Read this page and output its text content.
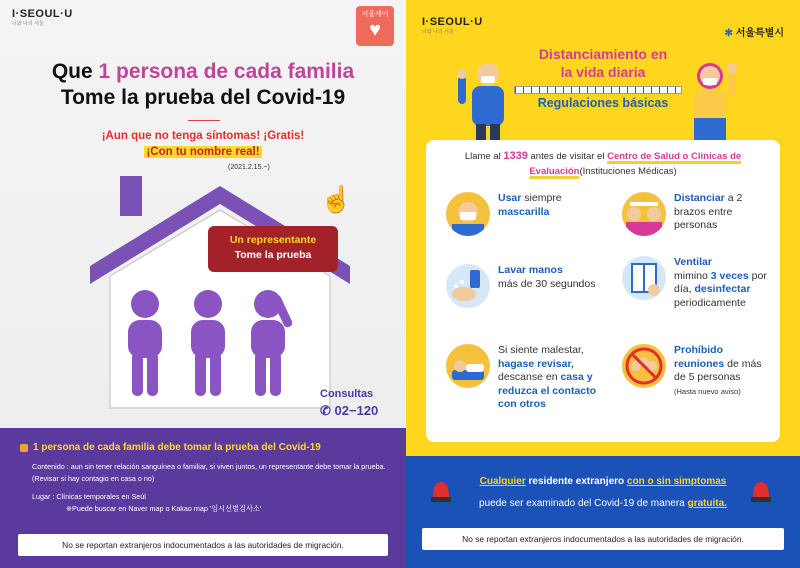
I·SEOUL·U
너와 나의 서울
서울케어
♥
Que 1 persona de cada familia
Tome la prueba del Covid-19
¡Aun que no tenga síntomas! ¡Gratis!
¡Con tu nombre real!
(2021.2.15.~)
☝
Un representante
Tome la prueba
Consultas
✆ 02−120
1 persona de cada familia debe tomar la prueba del Covid-19
Contenido : aun sin tener relación sanguínea o familiar, si viven juntos, un representante debe tomar la prueba. (Revisar si hay contagio en casa o no)
Lugar : Clínicas temporales en Seúl
※Puede buscar en Naver map o Kakao map '임시선별검사소'
No se reportan extranjeros indocumentados a las autoridades de migración.
I·SEOUL·U
너와 나의 서울	✻ 서울특별시
Distanciamiento en
la vida diaria
Regulaciones básicas
Llame al 1339 antes de visitar el Centro de Salud o Clinicas de
Evaluación(Instituciones Médicas)
Usar siempre
mascarilla
Distanciar a 2 brazos entre personas
Lavar manos
más de 30 segundos
Ventilar
mimino 3 veces por día, desinfectar periodicamente
Si siente malestar, hagase revisar, descanse en casa y reduzca el contacto con otros
Prohíbido reuniones de más de 5 personas
(Hasta nuevo aviso)
Cualquier residente extranjero con o sin simptomas
puede ser examinado del Covid-19 de manera gratuita.
No se reportan extranjeros indocumentados a las autoridades de migración.
